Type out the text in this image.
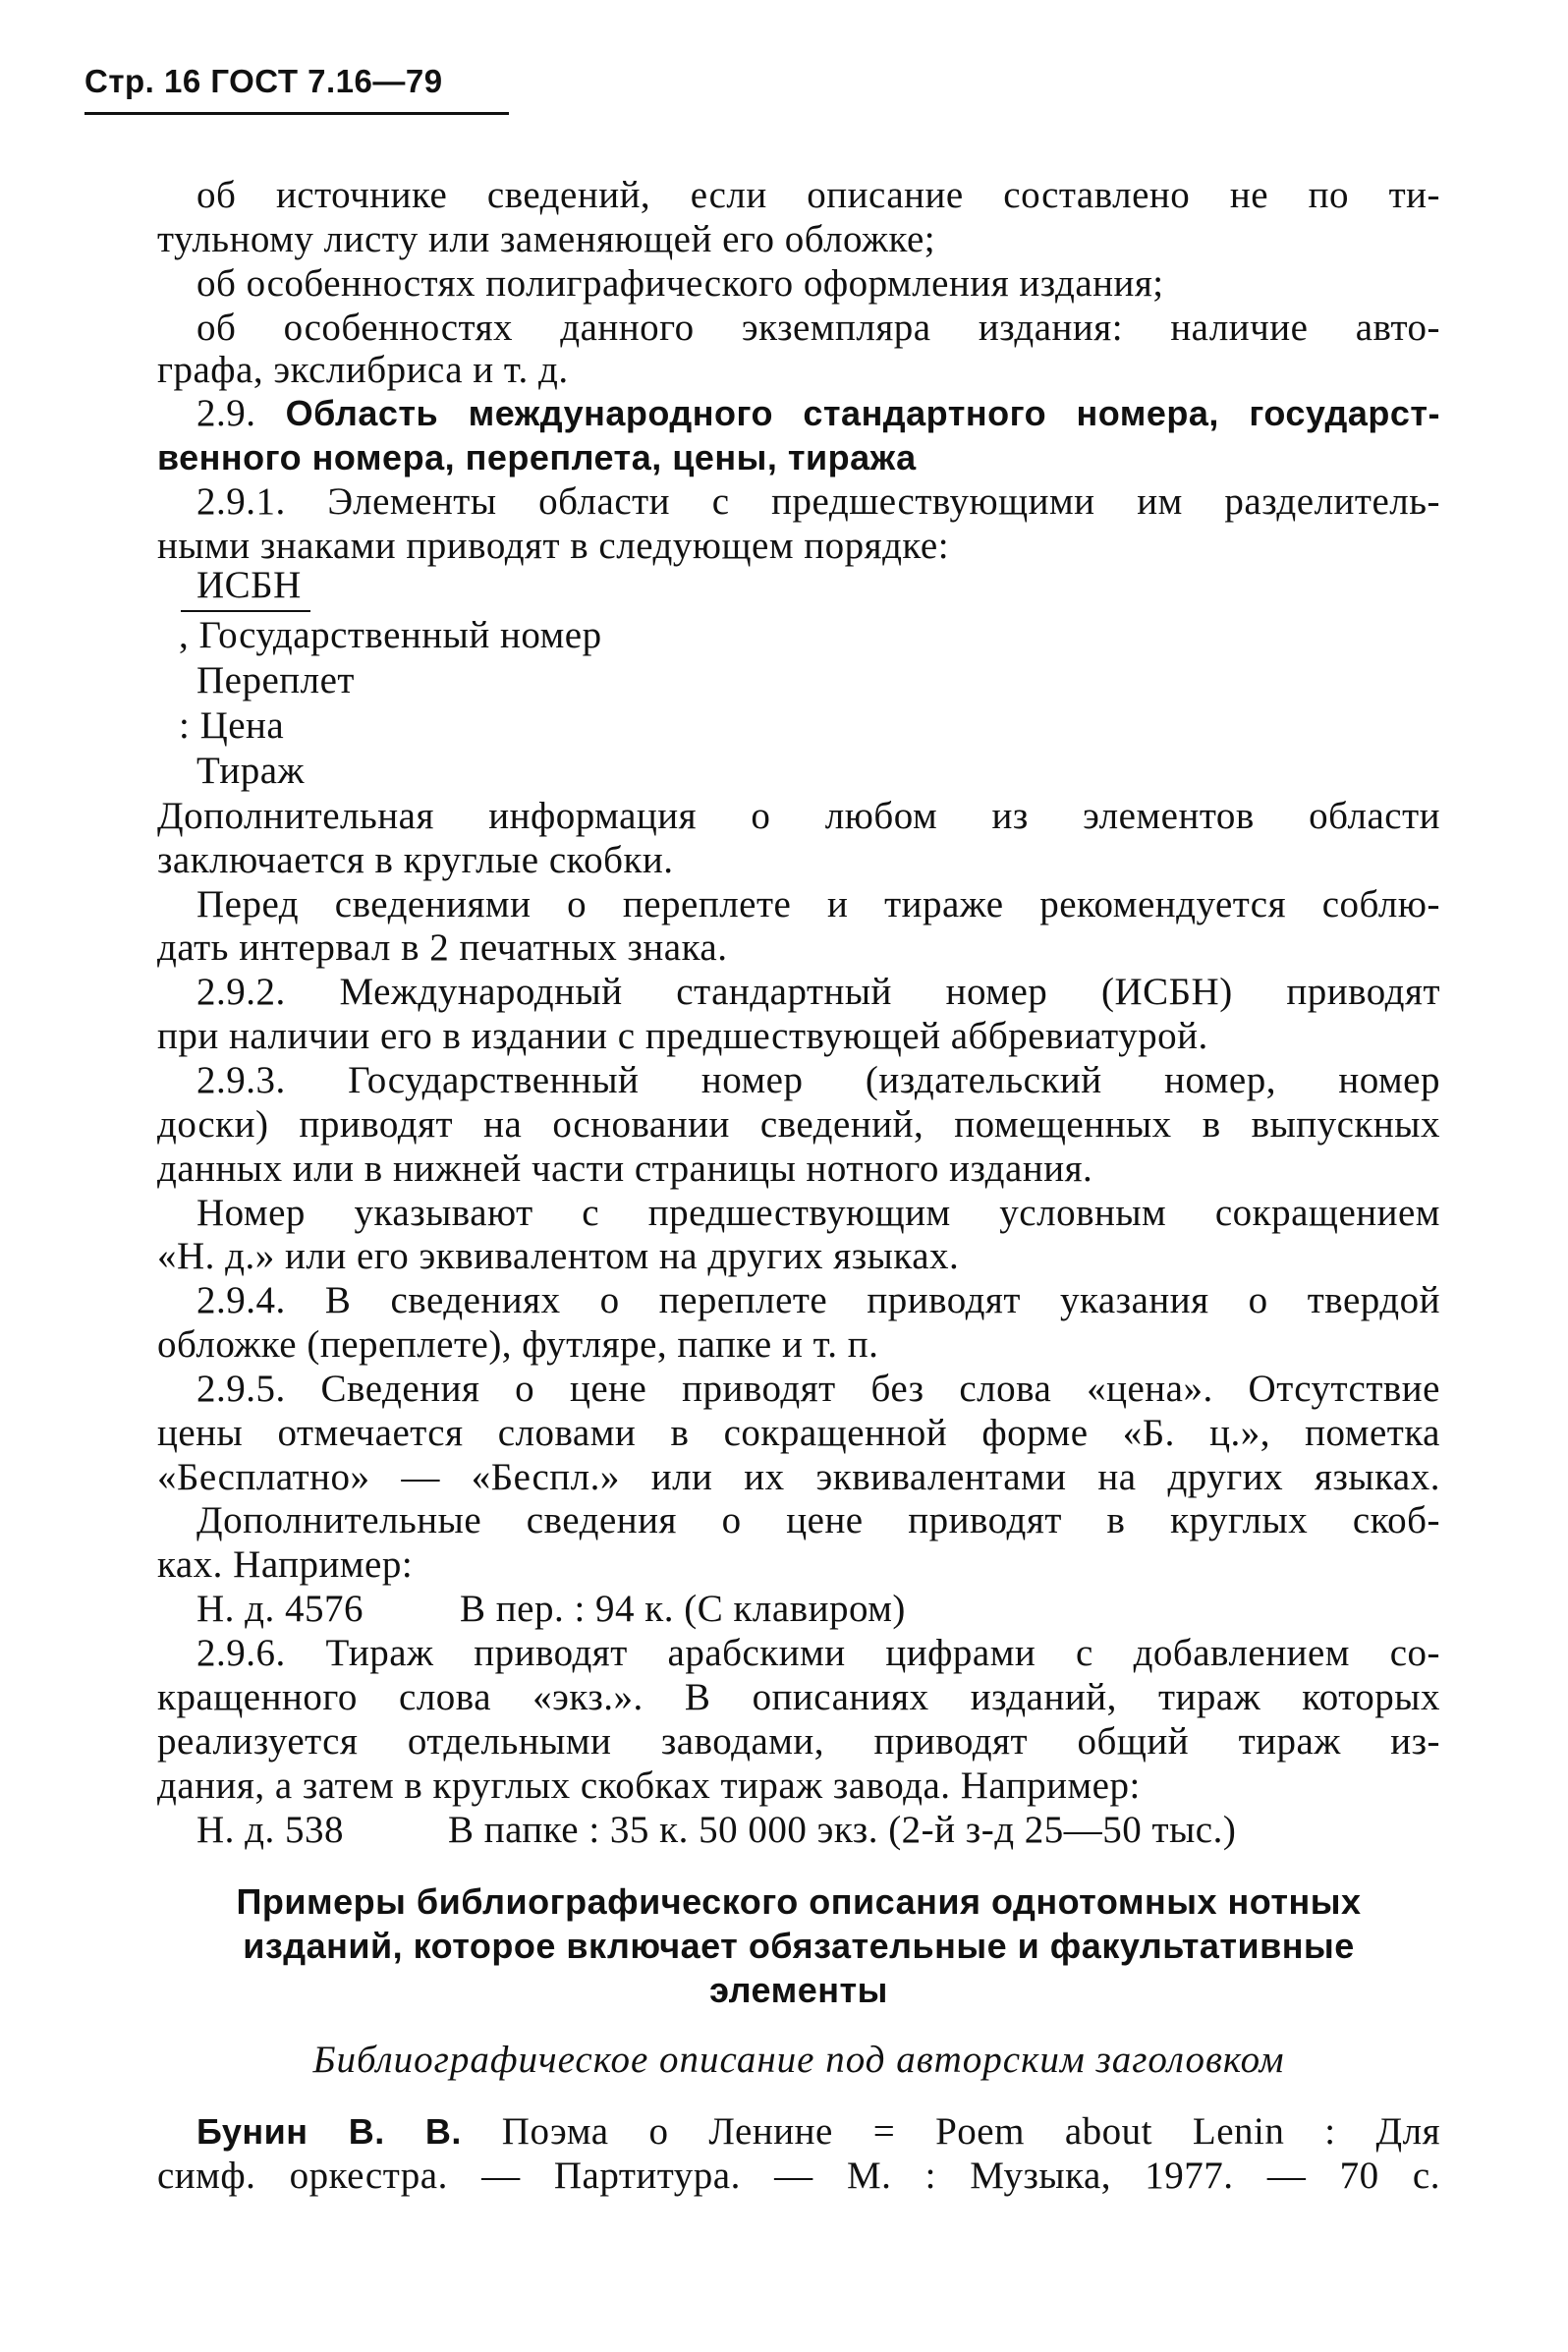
Стр. 16 ГОСТ 7.16—79
об источнике сведений, если описание составлено не по ти-
тульному листу или заменяющей его обложке;
об особенностях полиграфического оформления издания;
об особенностях данного экземпляра издания: наличие авто-
графа, экслибриса и т. д.
2.9. Область международного стандартного номера, государст-
венного номера, переплета, цены, тиража
2.9.1. Элементы области с предшествующими им разделитель-
ными знаками приводят в следующем порядке:
ИСБН
, Государственный номер
Переплет
: Цена
Тираж
Дополнительная информация о любом из элементов области
заключается в круглые скобки.
Перед сведениями о переплете и тираже рекомендуется соблю-
дать интервал в 2 печатных знака.
2.9.2. Международный стандартный номер (ИСБН) приводят
при наличии его в издании с предшествующей аббревиатурой.
2.9.3. Государственный номер (издательский номер, номер
доски) приводят на основании сведений, помещенных в выпускных
данных или в нижней части страницы нотного издания.
Номер указывают с предшествующим условным сокращением
«Н. д.» или его эквивалентом на других языках.
2.9.4. В сведениях о переплете приводят указания о твердой
обложке (переплете), футляре, папке и т. п.
2.9.5. Сведения о цене приводят без слова «цена». Отсутствие
цены отмечается словами в сокращенной форме «Б. ц.», пометка
«Бесплатно» — «Беспл.» или их эквивалентами на других языках.
Дополнительные сведения о цене приводят в круглых скоб-
ках. Например:
Н. д. 4576	В пер. : 94 к. (С клавиром)
2.9.6. Тираж приводят арабскими цифрами с добавлением со-
кращенного слова «экз.». В описаниях изданий, тираж которых
реализуется отдельными заводами, приводят общий тираж из-
дания, а затем в круглых скобках тираж завода. Например:
Н. д. 538	В папке : 35 к. 50 000 экз. (2-й з-д 25—50 тыс.)
Примеры библиографического описания однотомных нотных
изданий, которое включает обязательные и факультативные
элементы
Библиографическое описание под авторским заголовком
Бунин В. В. Поэма о Ленине = Poem about Lenin : Для
симф. оркестра. — Партитура. — М. : Музыка, 1977. — 70 с.
